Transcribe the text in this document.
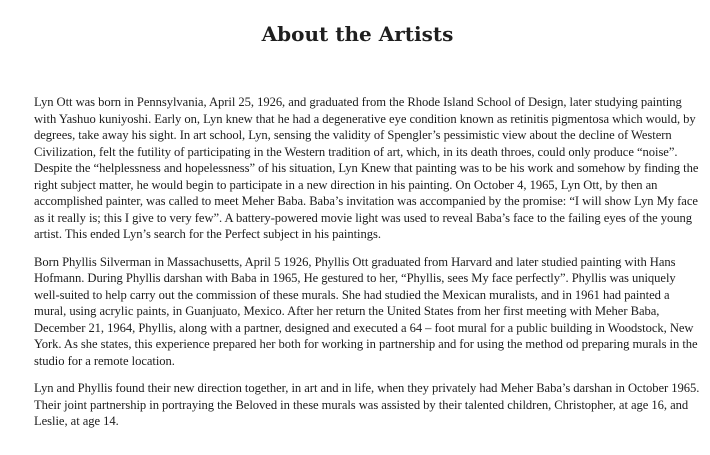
About the Artists

Lyn Ott was born in Pennsylvania, April 25, 1926, and graduated from the Rhode Island School of Design, later studying painting with Yashuo kuniyoshi. Early on, Lyn knew that he had a degenerative eye condition known as retinitis pigmentosa which would, by degrees, take away his sight. In art school, Lyn, sensing the validity of Spengler’s pessimistic view about the decline of Western Civilization, felt the futility of participating in the Western tradition of art, which, in its death throes, could only produce “noise”. Despite the “helplessness and hopelessness” of his situation, Lyn Knew that painting was to be his work and somehow by finding the right subject matter, he would begin to participate in a new direction in his painting. On October 4, 1965, Lyn Ott, by then an accomplished painter, was called to meet Meher Baba. Baba’s invitation was accompanied by the promise: “I will show Lyn My face as it really is; this I give to very few”. A battery-powered movie light was used to reveal Baba’s face to the failing eyes of the young artist. This ended Lyn’s search for the Perfect subject in his paintings.

Born Phyllis Silverman in Massachusetts, April 5 1926, Phyllis Ott graduated from Harvard and later studied painting with Hans Hofmann. During Phyllis darshan with Baba in 1965, He gestured to her, “Phyllis, sees My face perfectly”. Phyllis was uniquely well-suited to help carry out the commission of these murals. She had studied the Mexican muralists, and in 1961 had painted a mural, using acrylic paints, in Guanjuato, Mexico. After her return the United States from her first meeting with Meher Baba, December 21, 1964, Phyllis, along with a partner, designed and executed a 64 – foot mural for a public building in Woodstock, New York. As she states, this experience prepared her both for working in partnership and for using the method od preparing murals in the studio for a remote location.

Lyn and Phyllis found their new direction together, in art and in life, when they privately had Meher Baba’s darshan in October 1965. Their joint partnership in portraying the Beloved in these murals was assisted by their talented children, Christopher, at age 16, and Leslie, at age 14.
